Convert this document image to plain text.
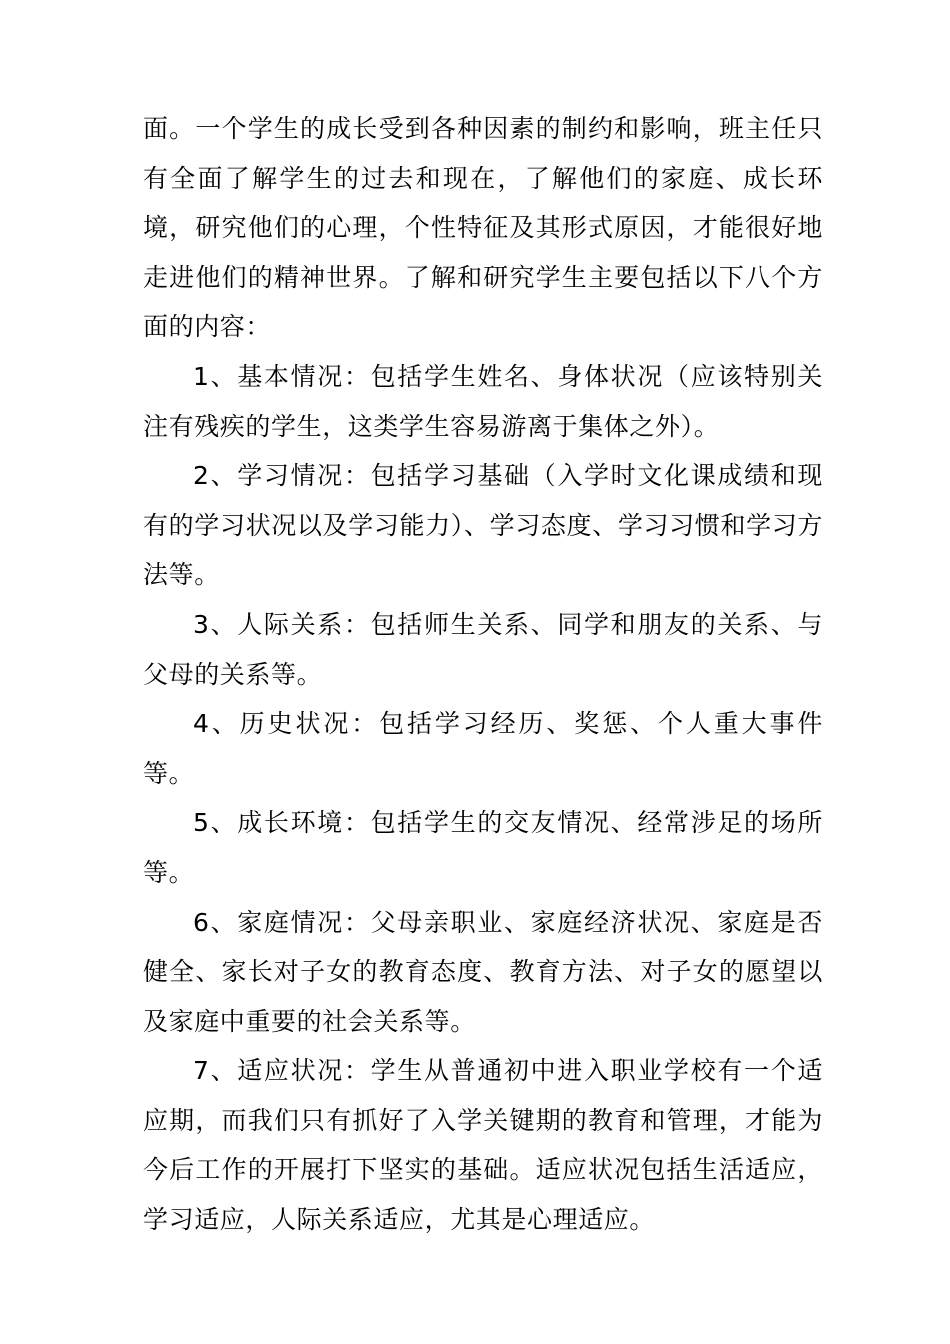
面。一个学生的成长受到各种因素的制约和影响，班主任只有全面了解学生的过去和现在，了解他们的家庭、成长环境，研究他们的心理，个性特征及其形式原因，才能很好地走进他们的精神世界。了解和研究学生主要包括以下八个方面的内容：

1、基本情况：包括学生姓名、身体状况（应该特别关注有残疾的学生，这类学生容易游离于集体之外）。

2、学习情况：包括学习基础（入学时文化课成绩和现有的学习状况以及学习能力）、学习态度、学习习惯和学习方法等。

3、人际关系：包括师生关系、同学和朋友的关系、与父母的关系等。

4、历史状况：包括学习经历、奖惩、个人重大事件等。

5、成长环境：包括学生的交友情况、经常涉足的场所等。

6、家庭情况：父母亲职业、家庭经济状况、家庭是否健全、家长对子女的教育态度、教育方法、对子女的愿望以及家庭中重要的社会关系等。

7、适应状况：学生从普通初中进入职业学校有一个适应期，而我们只有抓好了入学关键期的教育和管理，才能为今后工作的开展打下坚实的基础。适应状况包括生活适应，学习适应，人际关系适应，尤其是心理适应。
